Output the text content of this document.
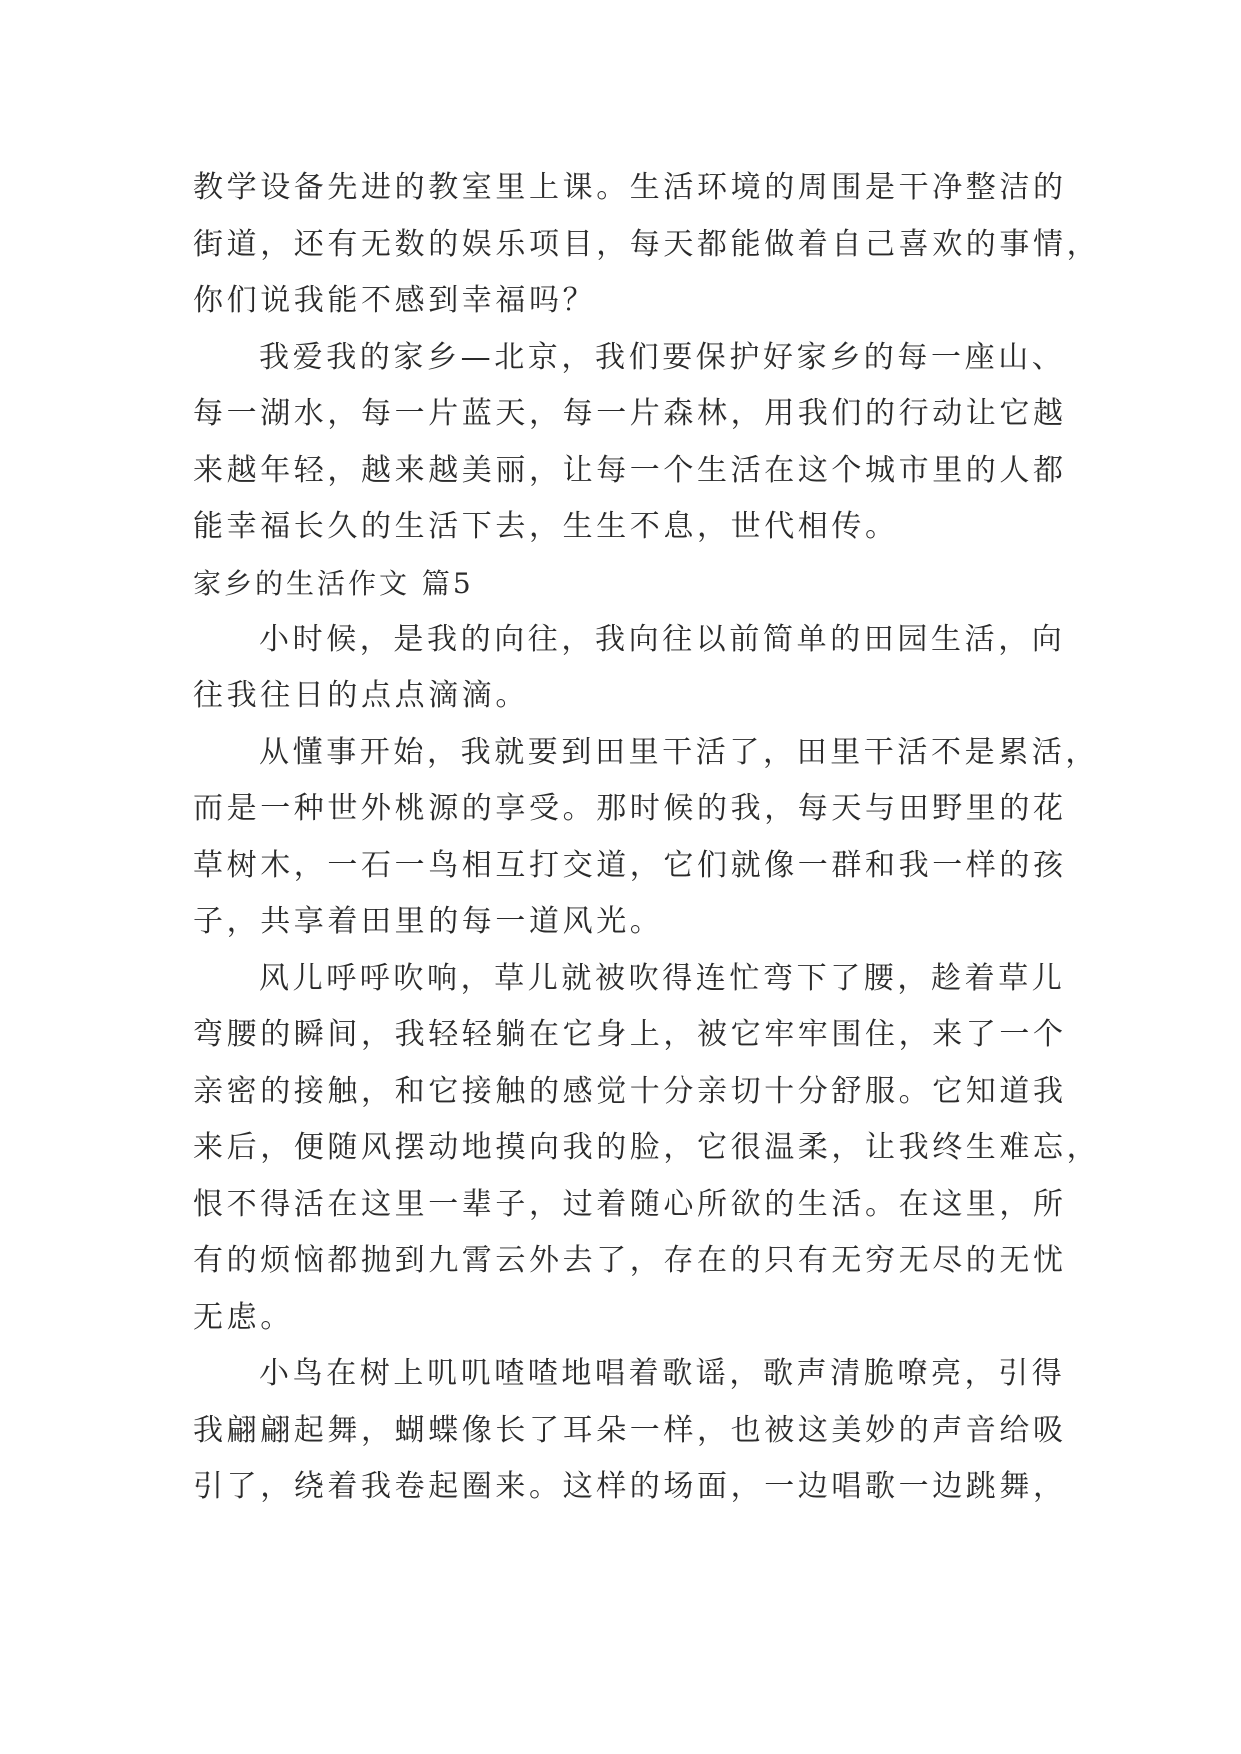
教学设备先进的教室里上课。生活环境的周围是干净整洁的
街道，还有无数的娱乐项目，每天都能做着自己喜欢的事情，
你们说我能不感到幸福吗？
我爱我的家乡—北京，我们要保护好家乡的每一座山、
每一湖水，每一片蓝天，每一片森林，用我们的行动让它越
来越年轻，越来越美丽，让每一个生活在这个城市里的人都
能幸福长久的生活下去，生生不息，世代相传。
家乡的生活作文 篇5
小时候，是我的向往，我向往以前简单的田园生活，向
往我往日的点点滴滴。
从懂事开始，我就要到田里干活了，田里干活不是累活，
而是一种世外桃源的享受。那时候的我，每天与田野里的花
草树木，一石一鸟相互打交道，它们就像一群和我一样的孩
子，共享着田里的每一道风光。
风儿呼呼吹响，草儿就被吹得连忙弯下了腰，趁着草儿
弯腰的瞬间，我轻轻躺在它身上，被它牢牢围住，来了一个
亲密的接触，和它接触的感觉十分亲切十分舒服。它知道我
来后，便随风摆动地摸向我的脸，它很温柔，让我终生难忘，
恨不得活在这里一辈子，过着随心所欲的生活。在这里，所
有的烦恼都抛到九霄云外去了，存在的只有无穷无尽的无忧
无虑。
小鸟在树上叽叽喳喳地唱着歌谣，歌声清脆嘹亮，引得
我翩翩起舞，蝴蝶像长了耳朵一样，也被这美妙的声音给吸
引了，绕着我卷起圈来。这样的场面，一边唱歌一边跳舞，
